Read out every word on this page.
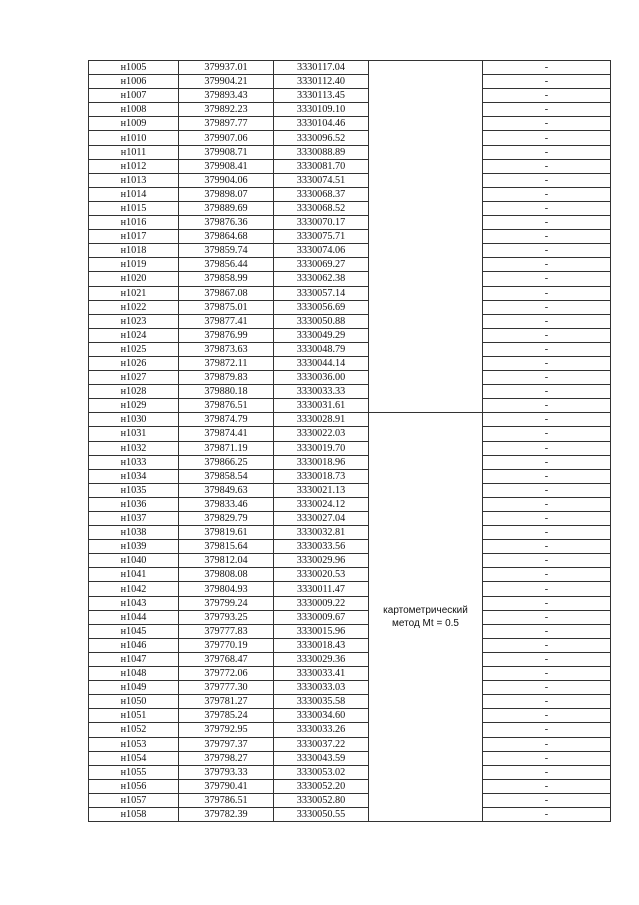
н1005	379937.01	3330117.04		-
н1006	379904.21	3330112.40		-
н1007	379893.43	3330113.45		-
н1008	379892.23	3330109.10		-
н1009	379897.77	3330104.46		-
н1010	379907.06	3330096.52		-
н1011	379908.71	3330088.89		-
н1012	379908.41	3330081.70		-
н1013	379904.06	3330074.51		-
н1014	379898.07	3330068.37		-
н1015	379889.69	3330068.52		-
н1016	379876.36	3330070.17		-
н1017	379864.68	3330075.71		-
н1018	379859.74	3330074.06		-
н1019	379856.44	3330069.27		-
н1020	379858.99	3330062.38		-
н1021	379867.08	3330057.14		-
н1022	379875.01	3330056.69		-
н1023	379877.41	3330050.88		-
н1024	379876.99	3330049.29		-
н1025	379873.63	3330048.79		-
н1026	379872.11	3330044.14		-
н1027	379879.83	3330036.00		-
н1028	379880.18	3330033.33		-
н1029	379876.51	3330031.61		-
н1030	379874.79	3330028.91	картометрический метод Mt = 0.5	-
н1031	379874.41	3330022.03		-
н1032	379871.19	3330019.70		-
н1033	379866.25	3330018.96		-
н1034	379858.54	3330018.73		-
н1035	379849.63	3330021.13		-
н1036	379833.46	3330024.12		-
н1037	379829.79	3330027.04		-
н1038	379819.61	3330032.81		-
н1039	379815.64	3330033.56		-
н1040	379812.04	3330029.96		-
н1041	379808.08	3330020.53		-
н1042	379804.93	3330011.47		-
н1043	379799.24	3330009.22		-
н1044	379793.25	3330009.67		-
н1045	379777.83	3330015.96		-
н1046	379770.19	3330018.43		-
н1047	379768.47	3330029.36		-
н1048	379772.06	3330033.41		-
н1049	379777.30	3330033.03		-
н1050	379781.27	3330035.58		-
н1051	379785.24	3330034.60		-
н1052	379792.95	3330033.26		-
н1053	379797.37	3330037.22		-
н1054	379798.27	3330043.59		-
н1055	379793.33	3330053.02		-
н1056	379790.41	3330052.20		-
н1057	379786.51	3330052.80		-
н1058	379782.39	3330050.55		-
